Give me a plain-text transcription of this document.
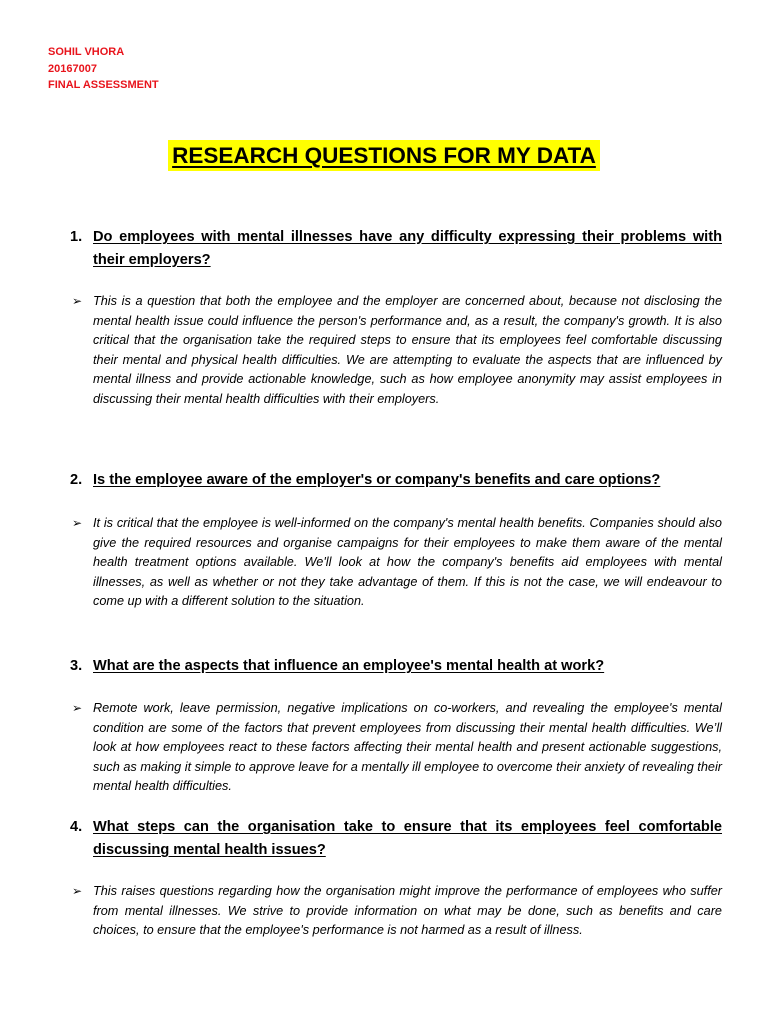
SOHIL VHORA
20167007
FINAL ASSESSMENT
RESEARCH QUESTIONS FOR MY DATA
1. Do employees with mental illnesses have any difficulty expressing their problems with their employers?
➢ This is a question that both the employee and the employer are concerned about, because not disclosing the mental health issue could influence the person's performance and, as a result, the company's growth. It is also critical that the organisation take the required steps to ensure that its employees feel comfortable discussing their mental and physical health difficulties. We are attempting to evaluate the aspects that are influenced by mental illness and provide actionable knowledge, such as how employee anonymity may assist employees in discussing their mental health difficulties with their employers.
2. Is the employee aware of the employer's or company's benefits and care options?
➢ It is critical that the employee is well-informed on the company's mental health benefits. Companies should also give the required resources and organise campaigns for their employees to make them aware of the mental health treatment options available. We'll look at how the company's benefits aid employees with mental illnesses, as well as whether or not they take advantage of them. If this is not the case, we will endeavour to come up with a different solution to the situation.
3. What are the aspects that influence an employee's mental health at work?
➢ Remote work, leave permission, negative implications on co-workers, and revealing the employee's mental condition are some of the factors that prevent employees from discussing their mental health difficulties. We’ll look at how employees react to these factors affecting their mental health and present actionable suggestions, such as making it simple to approve leave for a mentally ill employee to overcome their anxiety of revealing their mental health difficulties.
4. What steps can the organisation take to ensure that its employees feel comfortable discussing mental health issues?
➢ This raises questions regarding how the organisation might improve the performance of employees who suffer from mental illnesses. We strive to provide information on what may be done, such as benefits and care choices, to ensure that the employee's performance is not harmed as a result of illness.
